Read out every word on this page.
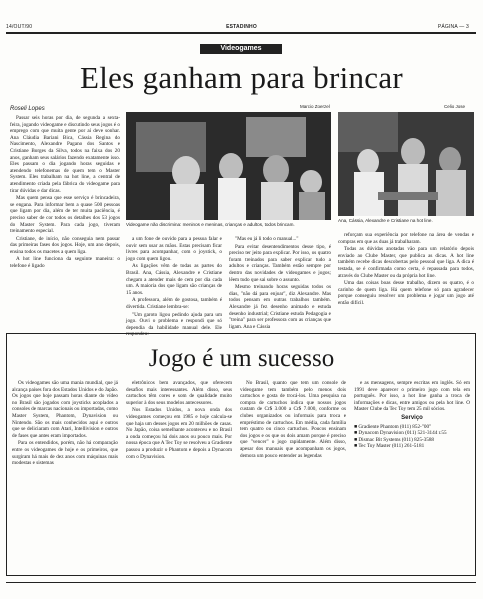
14/OUT/90	ESTADINHO	PÁGINA — 3
Videogames
Eles ganham para brincar
Roseli Lopes

Passar seis horas por dia, de segunda a sexta-feira, jogando videogame e discutindo seus jogos é o emprego com que muita gente por aí deve sonhar. Ana Cláudia Bariani Bica, Cássia Regina do Nascimento, Alexandre Pagano dos Santos e Cristiane Borges da Silva, todos na faixa dos 20 anos, ganham seus salários fazendo exatamente isso. Eles passam o dia jogando horas seguidas e atendendo telefonemas de quem tem o Master System. Eles trabalham na hot line, a central de atendimento criada pela fábrica do videogame para tirar dúvidas e dar dicas.

Mas quem pensa que esse serviço é brincadeira, se engana. Para informar bem a quase 500 pessoas que ligam por dia, além de ter muita paciência, é preciso saber de cor todos os detalhes dos 53 jogos do Master System. Para cada jogo, tiveram treinamento especial.

Cristiane, de início, não conseguia nem passar das primeiras fases dos jogos. Hoje, um ano depois, ensina todos os macetes a quem liga.

A hot line funciona da seguinte maneira: o telefone é ligado

Marcio Zoerzel
Videogame não discrimina: meninos e meninas, crianças e adultos, todos brincam.
Celio Jose
Ana, Cássia, Alexandre e Cristiane na hot line.

a um fone de ouvido para a pessoa falar e ouvir sem usar as mãos. Estas precisam ficar livres para acompanhar, com o joystick, o jogo com quem ligou.

As ligações vêm de todas as partes do Brasil. Ana, Cássia, Alexandre e Cristiane chegam a atender mais de cem por dia cada um. A maioria dos que ligam são crianças de 15 anos.

A professora, além de gostosa, também é divertida. Cristiane lembra-se:

"Um garoto ligou pedindo ajuda para um jogo. Ouvi o problema e respondi que só dependia da habilidade manual dele. Ele respondeu:

"Mas eu já li todo o manual..."

Para evitar desentendimentos desse tipo, é preciso ter jeito para explicar. Por isso, os quatro foram treinados para saber explicar tudo a adultos e crianças. Também estão sempre por dentro das novidades de videogames e jogos; lêem tudo que sai sobre o assunto.

Mesmo treinando horas seguidas todos os dias, "não dá para enjoar", diz Alexandre. Mas todos pensam em outras trabalhos também. Alexandre já fez desenho animado e estuda desenho industrial; Cristiane estuda Pedagogia e "treina" para ser professora com as crianças que ligam. Ana e Cássia

reforçam sua experiência por telefone na área de vendas e compras em que as duas já trabalharam.

Todas as dúvidas anotadas vão para um relatório depois enviado ao Clube Master, que publica as dicas. A hot line também recebe dicas descobertas pelo pessoal que liga. A dica é testada, se é confirmada como certa, é repassada para todos, através do Clube Master ou da própria hot line.

Uma das coisas boas desse trabalho, dizem os quatro, é o carinho de quem liga. Há quem telefone só para agradecer porque conseguiu resolver um problema e jogar um jogo até então difícil.

Jogo é um sucesso

Os videogames são uma mania mundial, que já alcança países fora dos Estados Unidos e do Japão. Os jogos que hoje passam horas diante do vídeo no Brasil são jogados com joysticks acoplados a consoles de marcas nacionais ou importadas, como Master System, Phantom, Dynavision ou Nintendo. São os mais conhecidos aqui e outros que se deliciaram com Atari, Intellivision e outros de fases que antes eram importados.

Para os entendidos, porém, não há comparação entre os videogames de hoje e os primeiros, que surgiram há mais de dez anos com máquinas mais modestas e sistemas

eletrônicos bem avançados, que oferecem desafios mais interessantes. Além disso, seus cartuchos têm cores e som de qualidade muito superior à dos seus modelos antecessores.

Nos Estados Unidos, a nova onda dos videogames começou em 1985 e hoje calcula-se que haja um desses jogos em 20 milhões de casas. No Japão, coisa semelhante aconteceu e no Brasil a onda começou há dois anos ou pouco mais. Por nossa época que A Tec Toy se resolveu a Gradiente passou a produzir o Phantom e depois a Dynacom com o Dynavision.

No Brasil, quanto que tem um console de videogame tem também pelo menos dois cartuchos e gosta de trocá-los. Uma pesquisa na compra de cartuchos indica que nossos jogos custam de Cr$ 3.000 a Cr$ 7.000, conforme os clubes organizados ou informais para troca e empréstimo de cartuchos. Em média, cada família tem quatro ou cinco cartuchos. Poucos ensinam dos jogos e os que os dois amam porque é preciso que "vencer" o jogo rapidamente. Além disso, apesar dos manuais que acompanham os jogos, demora um pouco entender as legendas

e as mensagens, sempre escritas em inglês. Só em 1991 deve aparecer o primeiro jogo com tela em português. Por isso, a hot line ganha a troca de informações e dicas, entre amigos ou pela hot line. O Master Clube da Tec Toy tem 25 mil sócios.

Serviço
■ Gradiente Phantom (011) 852-"00"
■ Dynacom Dynavision (011) 521-3144 r.55
■ Dismac Bit Systems (011) 825-3588
■ Tec Toy Master (011) 261-5181
